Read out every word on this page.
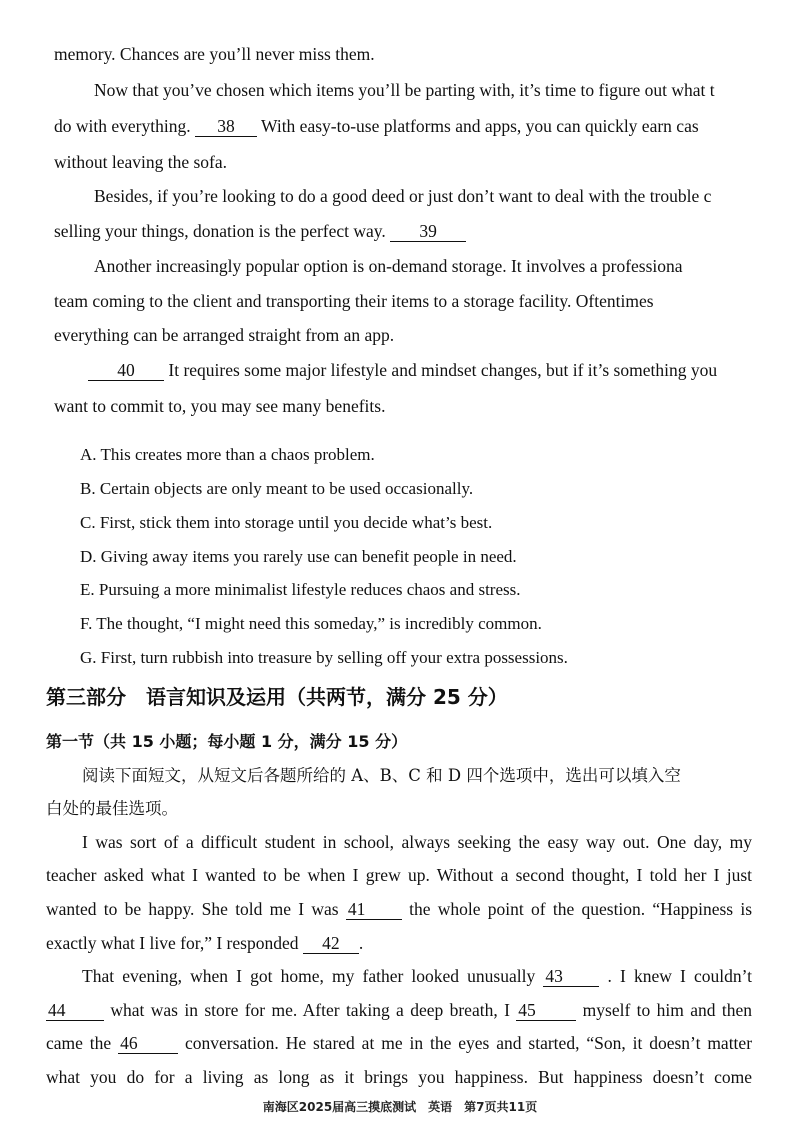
memory. Chances are you’ll never miss them.
Now that you’ve chosen which items you’ll be parting with, it’s time to figure out what t
do with everything. 38 With easy-to-use platforms and apps, you can quickly earn cas
without leaving the sofa.
Besides, if you’re looking to do a good deed or just don’t want to deal with the trouble c
selling your things, donation is the perfect way. 39
Another increasingly popular option is on-demand storage. It involves a professiona
team coming to the client and transporting their items to a storage facility. Oftentimes
everything can be arranged straight from an app.
40 It requires some major lifestyle and mindset changes, but if it’s something you
want to commit to, you may see many benefits.
A. This creates more than a chaos problem.
B. Certain objects are only meant to be used occasionally.
C. First, stick them into storage until you decide what’s best.
D. Giving away items you rarely use can benefit people in need.
E. Pursuing a more minimalist lifestyle reduces chaos and stress.
F. The thought, “I might need this someday,” is incredibly common.
G. First, turn rubbish into treasure by selling off your extra possessions.
第三部分　语言知识及运用（共两节，满分 25 分）
第一节（共 15 小题；每小题 1 分，满分 15 分）
阅读下面短文，从短文后各题所给的 A、B、C 和 D 四个选项中，选出可以填入空
白处的最佳选项。
I was sort of a difficult student in school, always seeking the easy way out. One day, my
teacher asked what I wanted to be when I grew up. Without a second thought, I told her I just
wanted to be happy. She told me I was 41	the whole point of the question. “Happiness is
exactly what I live for,” I responded 42 .
That evening, when I got home, my father looked unusually 43	. I knew I couldn’t
44	what was in store for me. After taking a deep breath, I 45	myself to him and then
came the 46	conversation. He stared at me in the eyes and started, “Son, it doesn’t matter
what you do for a living as long as it brings you happiness. But happiness doesn’t come
南海区2025届高三摸底测试　英语　第7页共11页
